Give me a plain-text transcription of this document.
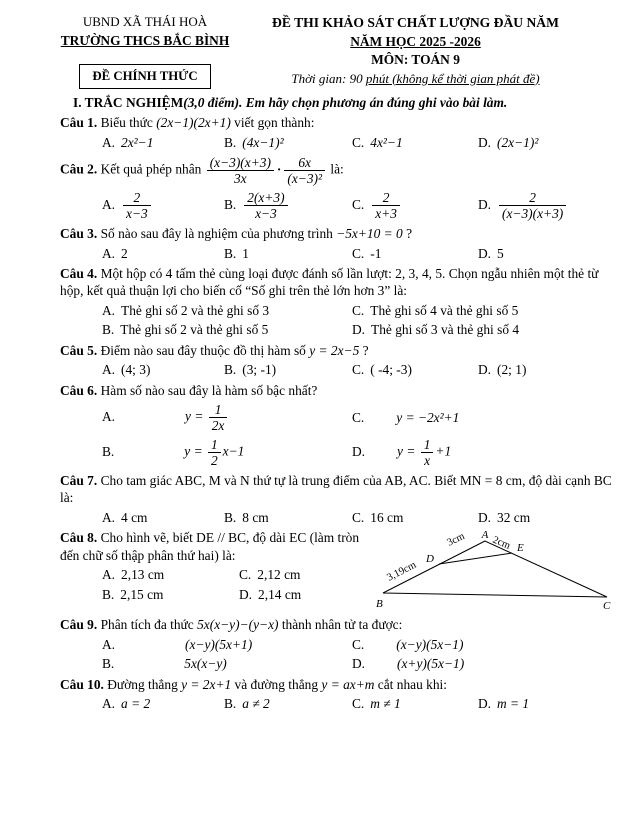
UBND XÃ THÁI HOÀ
TRƯỜNG THCS BẮC BÌNH
ĐỀ CHÍNH THỨC
ĐỀ THI KHẢO SÁT CHẤT LƯỢNG ĐẦU NĂM
NĂM HỌC 2025 -2026
MÔN: TOÁN 9
Thời gian: 90 phút (không kể thời gian phát đề)
I. TRẮC NGHIỆM(3,0 điểm). Em hãy chọn phương án đúng ghi vào bài làm.

Câu 1. Biểu thức (2x−1)(2x+1) viết gọn thành:

A. 2x²−1	B. (4x−1)²	C. 4x²−1	D. (2x−1)²

Câu 2. Kết quả phép nhân $\frac{(x-3)(x+3)}{3x} \cdot \frac{6x}{\text{(x−3)²}}$ là:

A. $\frac{2}{x-3}$	B. $\frac{2(x+3)}{x-3}$	C. $\frac{2}{x+3}$	D. $\frac{2}{(x-3)(x+3)}$

Câu 3. Số nào sau đây là nghiệm của phương trình −5x+10 = 0 ?

A. 2	B. 1	C. -1	D. 5

Câu 4. Một hộp có 4 tấm thẻ cùng loại được đánh số lần lượt: 2, 3, 4, 5. Chọn ngẫu nhiên một thẻ từ hộp, kết quả thuận lợi cho biến cố “Số ghi trên thẻ lớn hơn 3” là:

A. Thẻ ghi số 2 và thẻ ghi số 3	C. Thẻ ghi số 4 và thẻ ghi số 5
B. Thẻ ghi số 2 và thẻ ghi số 5	D. Thẻ ghi số 3 và thẻ ghi số 4

Câu 5. Điểm nào sau đây thuộc đồ thị hàm số y = 2x−5 ?

A. (4; 3)	B. (3; -1)	C. ( -4; -3)	D. (2; 1)

Câu 6. Hàm số nào sau đây là hàm số bậc nhất?

A.	$y = \frac{1}{2x}$	C. y = −2x²+1
B.	$y = \frac{1}{2} x-1$	D. $y = \frac{1}{x} +1$

Câu 7. Cho tam giác ABC, M và N thứ tự là trung điểm của AB, AC. Biết MN = 8 cm, độ dài cạnh BC là:

A. 4 cm	B. 8 cm	C. 16 cm	D. 32 cm
A
B	C
D
E
3cm 2cm
3,19cm

Câu 8. Cho hình vẽ, biết DE // BC, độ dài EC (làm tròn đến chữ số thập phân thứ hai) là:

A. 2,13 cm	C. 2,12 cm
B. 2,15 cm	D. 2,14 cm

Câu 9. Phân tích đa thức 5x(x−y)−(y−x) thành nhân tử ta được:

A.	(x−y)(5x+1)	C. (x−y)(5x−1)
B.	5x(x−y)	D. (x+y)(5x−1)

Câu 10. Đường thẳng y = 2x+1 và đường thẳng y = ax+m cắt nhau khi:

A. a = 2	B. a ≠ 2	C. m ≠ 1	D. m = 1
